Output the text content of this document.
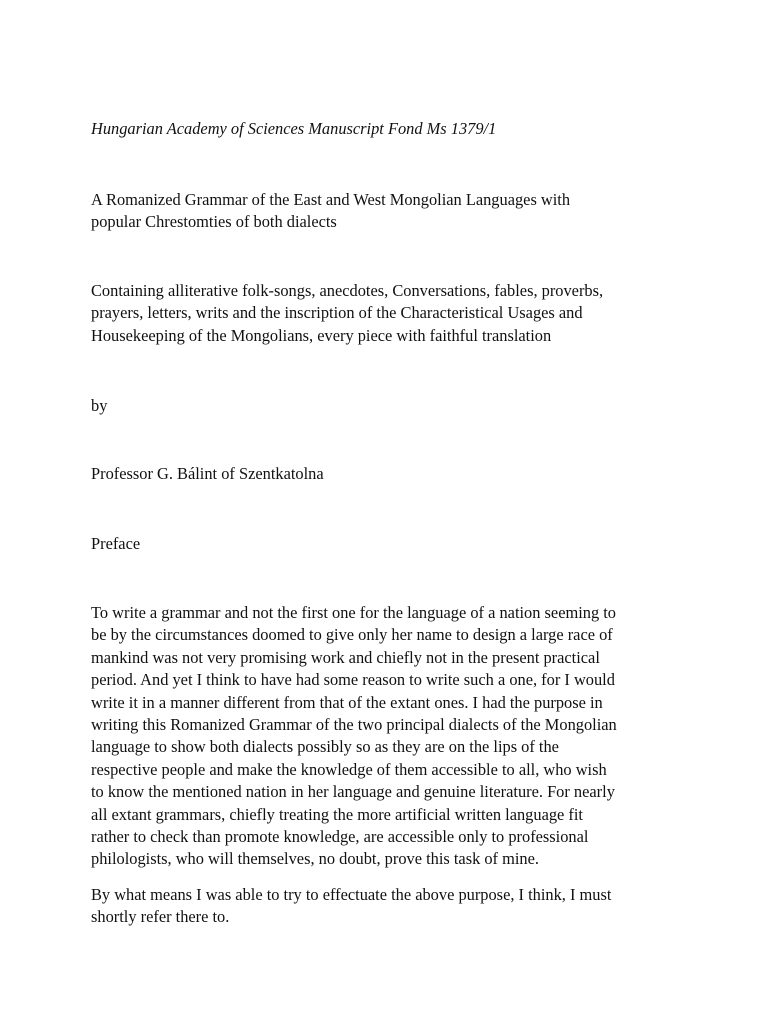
Hungarian Academy of Sciences Manuscript Fond Ms 1379/1

A Romanized Grammar of the East and West Mongolian Languages with
popular Chrestomties of both dialects

Containing alliterative folk-songs, anecdotes, Conversations, fables, proverbs,
prayers, letters, writs and the inscription of the Characteristical Usages and
Housekeeping of the Mongolians, every piece with faithful translation

by

Professor G. Bálint of Szentkatolna

Preface

To write a grammar and not the first one for the language of a nation seeming to
be by the circumstances doomed to give only her name to design a large race of
mankind was not very promising work and chiefly not in the present practical
period. And yet I think to have had some reason to write such a one, for I would
write it in a manner different from that of the extant ones. I had the purpose in
writing this Romanized Grammar of the two principal dialects of the Mongolian
language to show both dialects possibly so as they are on the lips of the
respective people and make the knowledge of them accessible to all, who wish
to know the mentioned nation in her language and genuine literature. For nearly
all extant grammars, chiefly treating the more artificial written language fit
rather to check than promote knowledge, are accessible only to professional
philologists, who will themselves, no doubt, prove this task of mine.

By what means I was able to try to effectuate the above purpose, I think, I must
shortly refer there to.
